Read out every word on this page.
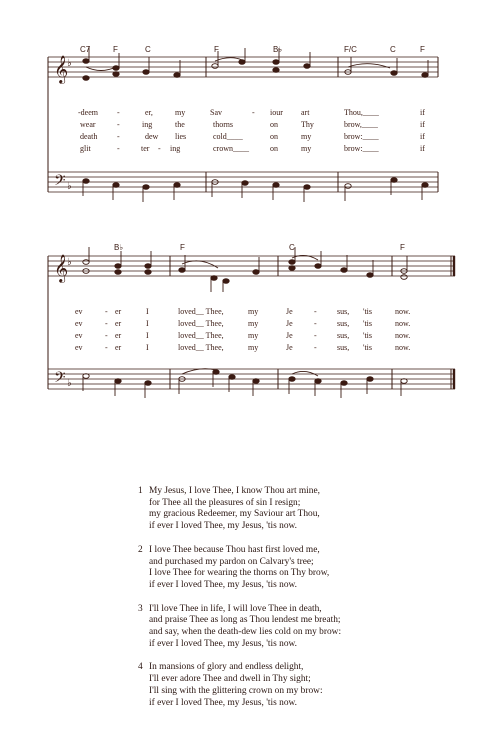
C7	F	C	F	B♭	F/C	C	F
-deem -	er,	my	Sav	- iour art	Thou,____	if
wear	-	ing	the	thorns	on	Thy	brow,____	if
death -	dew lies	cold____	on	my	brow:____	if
glit	-	ter - ing	crown____	on	my	brow:____	if
B♭	F	C	F
ev	- er	I	loved__ Thee,	my	Je	-	sus, 'tis	now.
ev	- er	I	loved__ Thee,	my	Je	-	sus, 'tis	now.
ev	- er	I	loved__ Thee,	my	Je	-	sus, 'tis	now.
ev	- er	I	loved__ Thee,	my	Je	-	sus, 'tis	now.
𝄞
𝄢
𝄞
𝄢
♭
♭
♭
♭
1 My Jesus, I love Thee, I know Thou art mine,
for Thee all the pleasures of sin I resign;
my gracious Redeemer, my Saviour art Thou,
if ever I loved Thee, my Jesus, 'tis now.
2 I love Thee because Thou hast first loved me,
and purchased my pardon on Calvary's tree;
I love Thee for wearing the thorns on Thy brow,
if ever I loved Thee, my Jesus, 'tis now.
3 I'll love Thee in life, I will love Thee in death,
and praise Thee as long as Thou lendest me breath;
and say, when the death-dew lies cold on my brow:
if ever I loved Thee, my Jesus, 'tis now.
4 In mansions of glory and endless delight,
I'll ever adore Thee and dwell in Thy sight;
I'll sing with the glittering crown on my brow:
if ever I loved Thee, my Jesus, 'tis now.
